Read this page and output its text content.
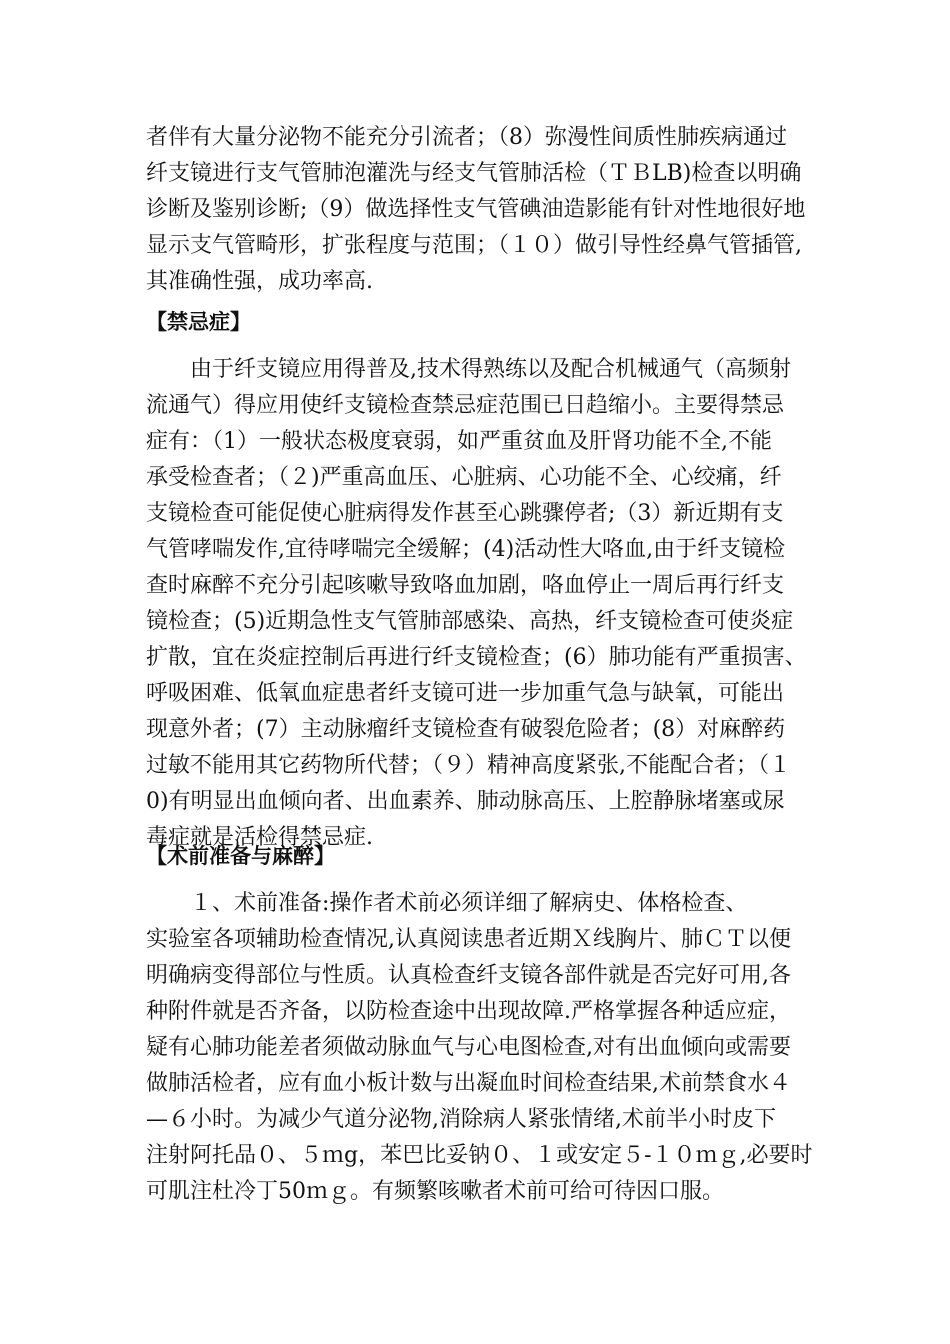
者伴有大量分泌物不能充分引流者；（8）弥漫性间质性肺疾病通过
纤支镜进行支气管肺泡灌洗与经支气管肺活检（ＴＢLB)检查以明确
诊断及鉴别诊断;（9）做选择性支气管碘油造影能有针对性地很好地
显示支气管畸形，扩张程度与范围；（１０）做引导性经鼻气管插管,
其准确性强，成功率高.
【禁忌症】
　　由于纤支镜应用得普及,技术得熟练以及配合机械通气（高频射
流通气）得应用使纤支镜检查禁忌症范围已日趋缩小。主要得禁忌
症有：（1）一般状态极度衰弱，如严重贫血及肝肾功能不全,不能
承受检查者；（２)严重高血压、心脏病、心功能不全、心绞痛，纤
支镜检查可能促使心脏病得发作甚至心跳骤停者;（3）新近期有支
气管哮喘发作,宜待哮喘完全缓解；(4)活动性大咯血,由于纤支镜检
查时麻醉不充分引起咳嗽导致咯血加剧，咯血停止一周后再行纤支
镜检查；(5)近期急性支气管肺部感染、高热，纤支镜检查可使炎症
扩散，宜在炎症控制后再进行纤支镜检查；(6）肺功能有严重损害、
呼吸困难、低氧血症患者纤支镜可进一步加重气急与缺氧，可能出
现意外者；(7）主动脉瘤纤支镜检查有破裂危险者；(8）对麻醉药
过敏不能用其它药物所代替；（９）精神高度紧张,不能配合者；（１
0)有明显出血倾向者、出血素养、肺动脉高压、上腔静脉堵塞或尿
毒症就是活检得禁忌症.
【术前准备与麻醉】
　　１、术前准备:操作者术前必须详细了解病史、体格检查、
实验室各项辅助检查情况,认真阅读患者近期Ｘ线胸片、肺ＣＴ以便
明确病变得部位与性质。认真检查纤支镜各部件就是否完好可用,各
种附件就是否齐备，以防检查途中出现故障.严格掌握各种适应症，
疑有心肺功能差者须做动脉血气与心电图检查,对有出血倾向或需要
做肺活检者，应有血小板计数与出凝血时间检查结果,术前禁食水４
—６小时。为减少气道分泌物,消除病人紧张情绪,术前半小时皮下
注射阿托品０、５ｍg，苯巴比妥钠０、１或安定５-１０ｍｇ,必要时
可肌注杜冷丁50ｍｇ。有频繁咳嗽者术前可给可待因口服。
